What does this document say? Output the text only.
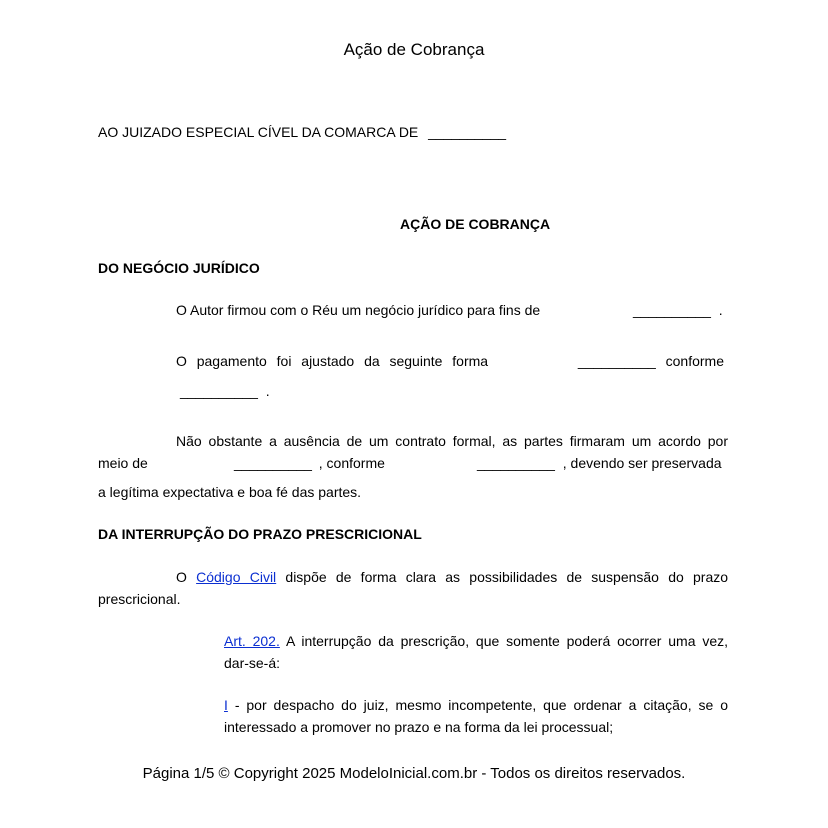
Ação de Cobrança
AO JUIZADO ESPECIAL CÍVEL DA COMARCA DE __________
AÇÃO DE COBRANÇA
DO NEGÓCIO JURÍDICO
O Autor firmou com o Réu um negócio jurídico para fins de	__________ .
O pagamento foi ajustado da seguinte forma	__________ conforme
__________ .
Não obstante a ausência de um contrato formal, as partes firmaram um acordo por
meio de	__________ , conforme	__________ , devendo ser preservada
a legítima expectativa e boa fé das partes.
DA INTERRUPÇÃO DO PRAZO PRESCRICIONAL
O Código Civil dispõe de forma clara as possibilidades de suspensão do prazo
prescricional.
Art. 202. A interrupção da prescrição, que somente poderá ocorrer uma vez,
dar-se-á:
I - por despacho do juiz, mesmo incompetente, que ordenar a citação, se o
interessado a promover no prazo e na forma da lei processual;
Página 1/5 © Copyright 2025 ModeloInicial.com.br - Todos os direitos reservados.
